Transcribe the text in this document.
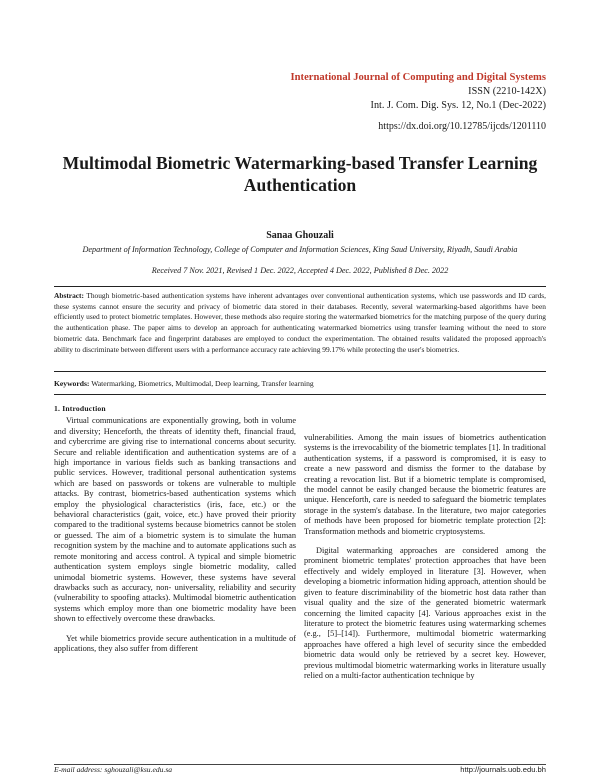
International Journal of Computing and Digital Systems
ISSN (2210-142X)
Int. J. Com. Dig. Sys. 12, No.1 (Dec-2022)
https://dx.doi.org/10.12785/ijcds/1201110
Multimodal Biometric Watermarking-based Transfer Learning Authentication
Sanaa Ghouzali
Department of Information Technology, College of Computer and Information Sciences, King Saud University, Riyadh, Saudi Arabia
Received 7 Nov. 2021, Revised 1 Dec. 2022, Accepted 4 Dec. 2022, Published 8 Dec. 2022
Abstract: Though biometric-based authentication systems have inherent advantages over conventional authentication systems, which use passwords and ID cards, these systems cannot ensure the security and privacy of biometric data stored in their databases. Recently, several watermarking-based algorithms have been efficiently used to protect biometric templates. However, these methods also require storing the watermarked biometrics for the matching purpose of the query during the authentication phase. The paper aims to develop an approach for authenticating watermarked biometrics using transfer learning without the need to store biometric data. Benchmark face and fingerprint databases are employed to conduct the experimentation. The obtained results validated the proposed approach's ability to discriminate between different users with a performance accuracy rate achieving 99.17% while protecting the user's biometrics.
Keywords: Watermarking, Biometrics, Multimodal, Deep learning, Transfer learning
1. Introduction

Virtual communications are exponentially growing, both in volume and diversity; Henceforth, the threats of identity theft, financial fraud, and cybercrime are giving rise to international concerns about security. Secure and reliable identification and authentication systems are of a high importance in various fields such as banking transactions and public services. However, traditional personal authentication systems which are based on passwords or tokens are vulnerable to multiple attacks. By contrast, biometrics-based authentication systems which employ the physiological characteristics (iris, face, etc.) or the behavioral characteristics (gait, voice, etc.) have proved their priority compared to the traditional systems because biometrics cannot be stolen or guessed. The aim of a biometric system is to simulate the human recognition system by the machine and to automate applications such as remote monitoring and access control. A typical and simple biometric authentication system employs single biometric modality, called unimodal biometric systems. However, these systems have several drawbacks such as accuracy, non- universality, reliability and security (vulnerability to spoofing attacks). Multimodal biometric authentication systems which employ more than one biometric modality have been shown to effectively overcome these drawbacks.

Yet while biometrics provide secure authentication in a multitude of applications, they also suffer from different

vulnerabilities. Among the main issues of biometrics authentication systems is the irrevocability of the biometric templates [1]. In traditional authentication systems, if a password is compromised, it is easy to create a new password and dismiss the former to the database by creating a revocation list. But if a biometric template is compromised, the model cannot be easily changed because the biometric features are unique. Henceforth, care is needed to safeguard the biometric templates storage in the system's database. In the literature, two major categories of methods have been proposed for biometric template protection [2]: Transformation methods and biometric cryptosystems.

Digital watermarking approaches are considered among the prominent biometric templates' protection approaches that have been effectively and widely employed in literature [3]. However, when developing a biometric information hiding approach, attention should be given to feature discriminability of the biometric host data rather than visual quality and the size of the generated biometric watermark concerning the limited capacity [4]. Various approaches exist in the literature to protect the biometric features using watermarking schemes (e.g., [5]–[14]). Furthermore, multimodal biometric watermarking approaches have offered a high level of security since the embedded biometric data would only be retrieved by a secret key. However, previous multimodal biometric watermarking works in literature usually relied on a multi-factor authentication technique by

E-mail address: sghouzali@ksu.edu.sa	http://journals.uob.edu.bh
